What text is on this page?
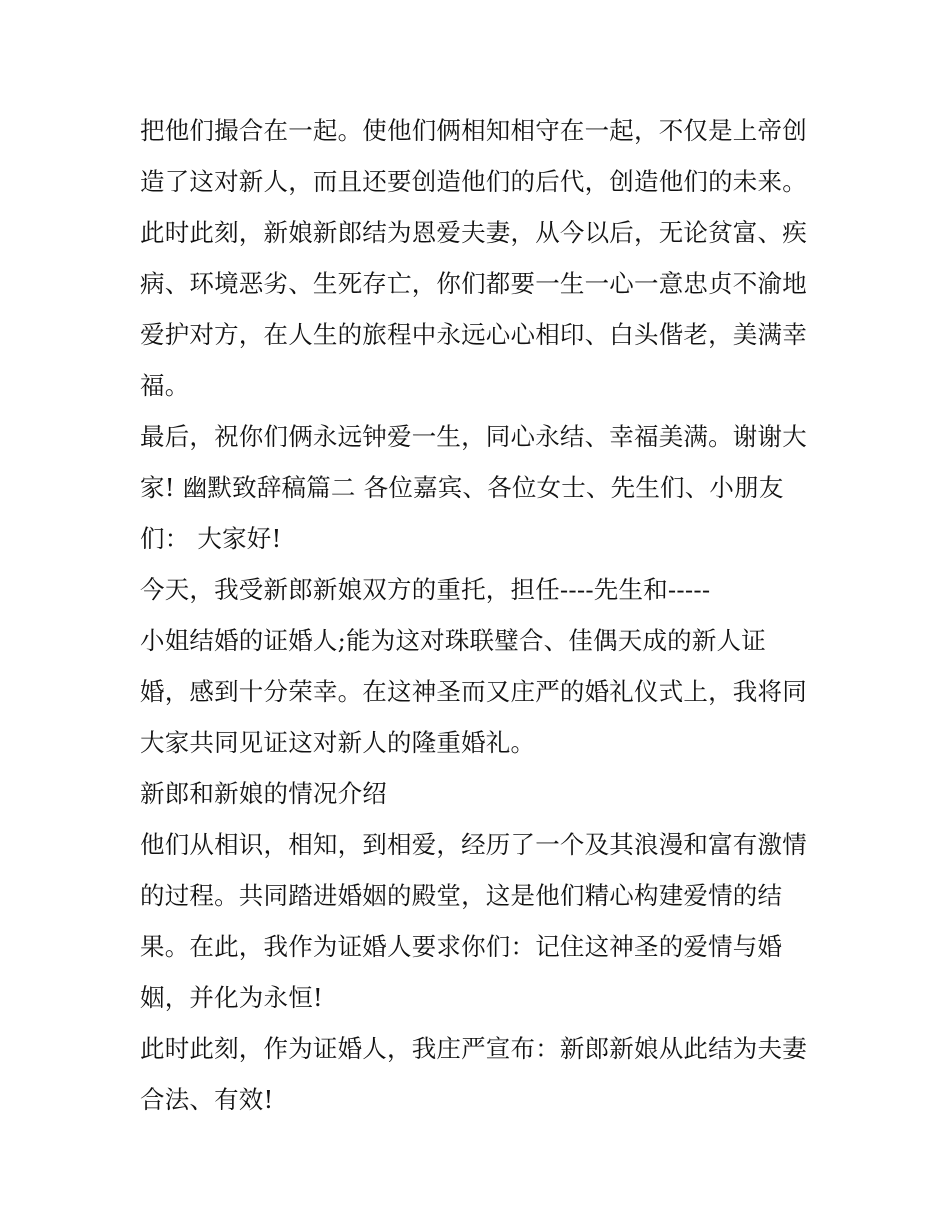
把他们撮合在一起。使他们俩相知相守在一起，不仅是上帝创
造了这对新人，而且还要创造他们的后代，创造他们的未来。
此时此刻，新娘新郎结为恩爱夫妻，从今以后，无论贫富、疾
病、环境恶劣、生死存亡，你们都要一生一心一意忠贞不渝地
爱护对方，在人生的旅程中永远心心相印、白头偕老，美满幸
福。
最后，祝你们俩永远钟爱一生，同心永结、幸福美满。谢谢大
家! 幽默致辞稿篇二 各位嘉宾、各位女士、先生们、小朋友
们： 大家好!
今天，我受新郎新娘双方的重托，担任----先生和-----
小姐结婚的证婚人;能为这对珠联璧合、佳偶天成的新人证
婚，感到十分荣幸。在这神圣而又庄严的婚礼仪式上，我将同
大家共同见证这对新人的隆重婚礼。
新郎和新娘的情况介绍
他们从相识，相知，到相爱，经历了一个及其浪漫和富有激情
的过程。共同踏进婚姻的殿堂，这是他们精心构建爱情的结
果。在此，我作为证婚人要求你们：记住这神圣的爱情与婚
姻，并化为永恒!
此时此刻，作为证婚人，我庄严宣布：新郎新娘从此结为夫妻
合法、有效!
